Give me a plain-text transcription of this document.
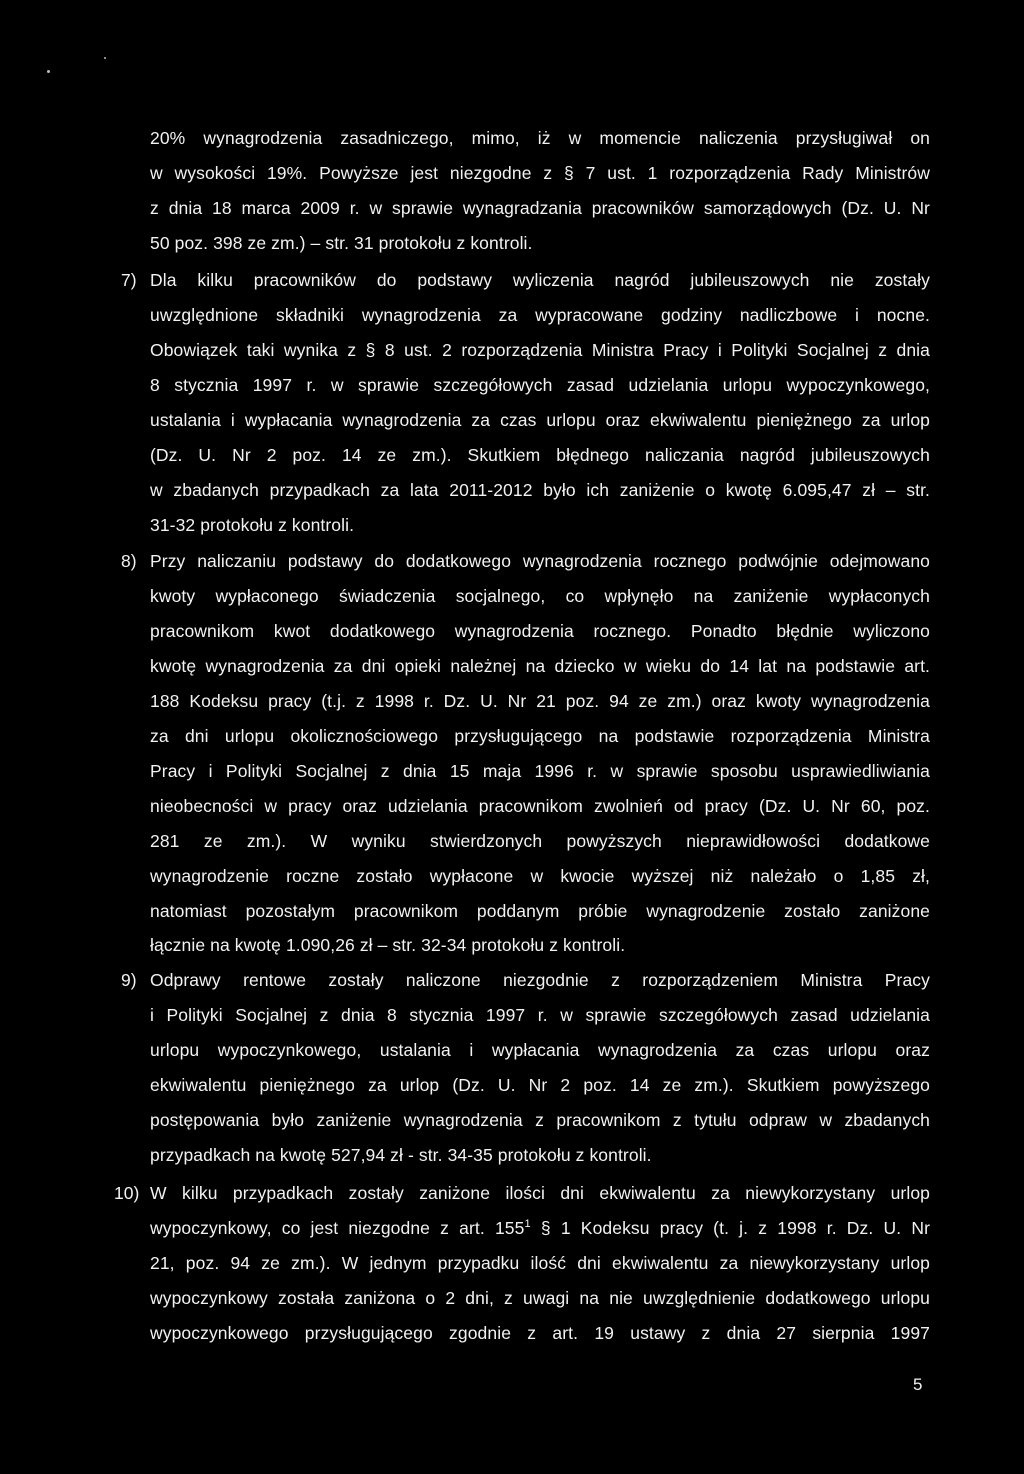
20% wynagrodzenia zasadniczego, mimo, iż w momencie naliczenia przysługiwał on
w wysokości 19%. Powyższe jest niezgodne z § 7 ust. 1 rozporządzenia Rady Ministrów
z dnia 18 marca 2009 r. w sprawie wynagradzania pracowników samorządowych (Dz. U. Nr
50 poz. 398 ze zm.) – str. 31 protokołu z kontroli.
7) Dla kilku pracowników do podstawy wyliczenia nagród jubileuszowych nie zostały
uwzględnione składniki wynagrodzenia za wypracowane godziny nadliczbowe i nocne.
Obowiązek taki wynika z § 8 ust. 2 rozporządzenia Ministra Pracy i Polityki Socjalnej z dnia
8 stycznia 1997 r. w sprawie szczegółowych zasad udzielania urlopu wypoczynkowego,
ustalania i wypłacania wynagrodzenia za czas urlopu oraz ekwiwalentu pieniężnego za urlop
(Dz. U. Nr 2 poz. 14 ze zm.). Skutkiem błędnego naliczania nagród jubileuszowych
w zbadanych przypadkach za lata 2011-2012 było ich zaniżenie o kwotę 6.095,47 zł – str.
31-32 protokołu z kontroli.
8) Przy naliczaniu podstawy do dodatkowego wynagrodzenia rocznego podwójnie odejmowano
kwoty wypłaconego świadczenia socjalnego, co wpłynęło na zaniżenie wypłaconych
pracownikom kwot dodatkowego wynagrodzenia rocznego. Ponadto błędnie wyliczono
kwotę wynagrodzenia za dni opieki należnej na dziecko w wieku do 14 lat na podstawie art.
188 Kodeksu pracy (t.j. z 1998 r. Dz. U. Nr 21 poz. 94 ze zm.) oraz kwoty wynagrodzenia
za dni urlopu okolicznościowego przysługującego na podstawie rozporządzenia Ministra
Pracy i Polityki Socjalnej z dnia 15 maja 1996 r. w sprawie sposobu usprawiedliwiania
nieobecności w pracy oraz udzielania pracownikom zwolnień od pracy (Dz. U. Nr 60, poz.
281 ze zm.). W wyniku stwierdzonych powyższych nieprawidłowości dodatkowe
wynagrodzenie roczne zostało wypłacone w kwocie wyższej niż należało o 1,85 zł,
natomiast pozostałym pracownikom poddanym próbie wynagrodzenie zostało zaniżone
łącznie na kwotę 1.090,26 zł – str. 32-34 protokołu z kontroli.
9) Odprawy rentowe zostały naliczone niezgodnie z rozporządzeniem Ministra Pracy
i Polityki Socjalnej z dnia 8 stycznia 1997 r. w sprawie szczegółowych zasad udzielania
urlopu wypoczynkowego, ustalania i wypłacania wynagrodzenia za czas urlopu oraz
ekwiwalentu pieniężnego za urlop (Dz. U. Nr 2 poz. 14 ze zm.). Skutkiem powyższego
postępowania było zaniżenie wynagrodzenia z pracownikom z tytułu odpraw w zbadanych
przypadkach na kwotę 527,94 zł - str. 34-35 protokołu z kontroli.
10) W kilku przypadkach zostały zaniżone ilości dni ekwiwalentu za niewykorzystany urlop
wypoczynkowy, co jest niezgodne z art. $155^1$ § 1 Kodeksu pracy (t. j. z 1998 r. Dz. U. Nr
21, poz. 94 ze zm.). W jednym przypadku ilość dni ekwiwalentu za niewykorzystany urlop
wypoczynkowy została zaniżona o 2 dni, z uwagi na nie uwzględnienie dodatkowego urlopu
wypoczynkowego przysługującego zgodnie z art. 19 ustawy z dnia 27 sierpnia 1997
5
